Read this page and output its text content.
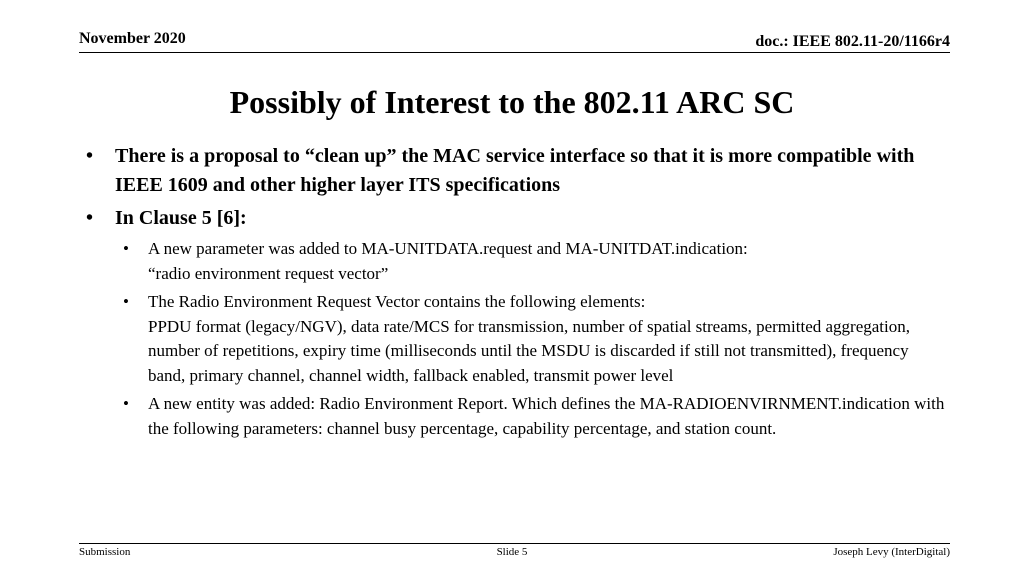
November 2020	doc.: IEEE 802.11-20/1166r4
Possibly of Interest to the 802.11 ARC SC
• There is a proposal to “clean up” the MAC service interface so that it is more compatible with IEEE 1609 and other higher layer ITS specifications
• In Clause 5 [6]:
• A new parameter was added to MA-UNITDATA.request and MA-UNITDAT.indication:
“radio environment request vector”
• The Radio Environment Request Vector contains the following elements:
PPDU format (legacy/NGV), data rate/MCS for transmission, number of spatial streams, permitted aggregation, number of repetitions, expiry time (milliseconds until the MSDU is discarded if still not transmitted), frequency band, primary channel, channel width, fallback enabled, transmit power level
• A new entity was added: Radio Environment Report. Which defines the MA-RADIOENVIRNMENT.indication with the following parameters: channel busy percentage, capability percentage, and station count.
Submission	Slide 5	Joseph Levy (InterDigital)
